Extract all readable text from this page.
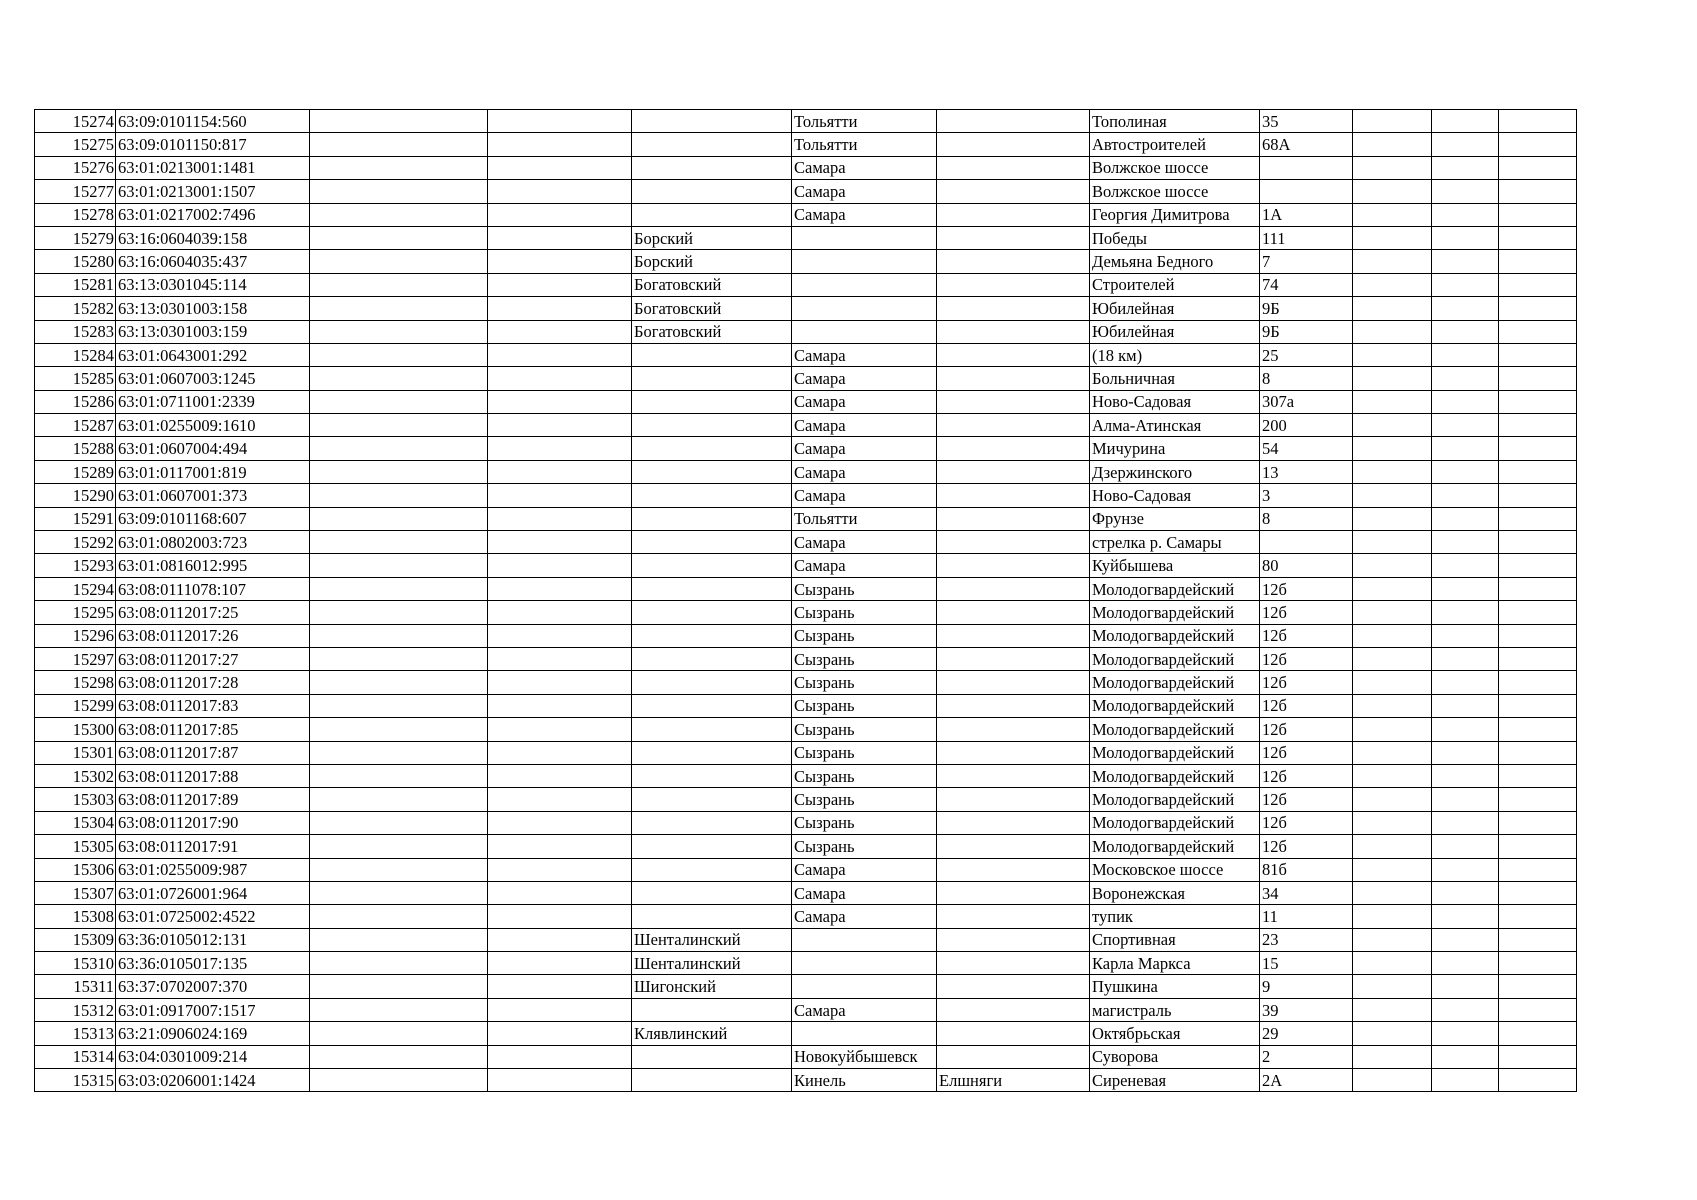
15274	63:09:0101154:560				Тольятти		Тополиная	35			
15275	63:09:0101150:817				Тольятти		Автостроителей	68А			
15276	63:01:0213001:1481				Самара		Волжское шоссе				
15277	63:01:0213001:1507				Самара		Волжское шоссе				
15278	63:01:0217002:7496				Самара		Георгия Димитрова	1А			
15279	63:16:0604039:158			Борский			Победы	111			
15280	63:16:0604035:437			Борский			Демьяна Бедного	7			
15281	63:13:0301045:114			Богатовский			Строителей	74			
15282	63:13:0301003:158			Богатовский			Юбилейная	9Б			
15283	63:13:0301003:159			Богатовский			Юбилейная	9Б			
15284	63:01:0643001:292				Самара		(18 км)	25			
15285	63:01:0607003:1245				Самара		Больничная	8			
15286	63:01:0711001:2339				Самара		Ново-Садовая	307а			
15287	63:01:0255009:1610				Самара		Алма-Атинская	200			
15288	63:01:0607004:494				Самара		Мичурина	54			
15289	63:01:0117001:819				Самара		Дзержинского	13			
15290	63:01:0607001:373				Самара		Ново-Садовая	3			
15291	63:09:0101168:607				Тольятти		Фрунзе	8			
15292	63:01:0802003:723				Самара		стрелка р. Самары				
15293	63:01:0816012:995				Самара		Куйбышева	80			
15294	63:08:0111078:107				Сызрань		Молодогвардейский	12б			
15295	63:08:0112017:25				Сызрань		Молодогвардейский	12б			
15296	63:08:0112017:26				Сызрань		Молодогвардейский	12б			
15297	63:08:0112017:27				Сызрань		Молодогвардейский	12б			
15298	63:08:0112017:28				Сызрань		Молодогвардейский	12б			
15299	63:08:0112017:83				Сызрань		Молодогвардейский	12б			
15300	63:08:0112017:85				Сызрань		Молодогвардейский	12б			
15301	63:08:0112017:87				Сызрань		Молодогвардейский	12б			
15302	63:08:0112017:88				Сызрань		Молодогвардейский	12б			
15303	63:08:0112017:89				Сызрань		Молодогвардейский	12б			
15304	63:08:0112017:90				Сызрань		Молодогвардейский	12б			
15305	63:08:0112017:91				Сызрань		Молодогвардейский	12б			
15306	63:01:0255009:987				Самара		Московское шоссе	81б			
15307	63:01:0726001:964				Самара		Воронежская	34			
15308	63:01:0725002:4522				Самара		тупик	11			
15309	63:36:0105012:131			Шенталинский			Спортивная	23			
15310	63:36:0105017:135			Шенталинский			Карла Маркса	15			
15311	63:37:0702007:370			Шигонский			Пушкина	9			
15312	63:01:0917007:1517				Самара		магистраль	39			
15313	63:21:0906024:169			Клявлинский			Октябрьская	29			
15314	63:04:0301009:214				Новокуйбышевск		Суворова	2			
15315	63:03:0206001:1424				Кинель	Елшняги	Сиреневая	2А			
